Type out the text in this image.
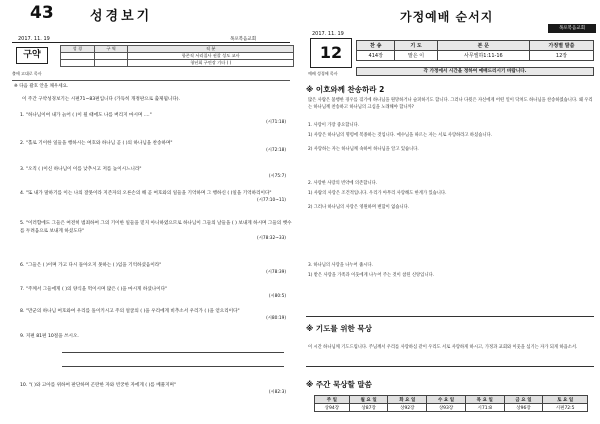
43	성경보기
2017. 11. 19	목포복음교회
구약
출애 고대로 목사
성 경	구 역	직 분
		항존직 서리집사 권찰 성도 교사
		청년회 구연장 기타 ( )
※ 다음 괄호 안을 채우세요.
이 주간 구약성경보기는 시편71~83편입니다 (가득히 개정판으로 출제됩니다).
1. "하나님이여 내가 늙어 ( )이 될 때에도 나를 버리지 마시며 ...."
(시71:18)
2. "홀로 기이한 일들을 행하시는 여호와 하나님 곧 ( )의 하나님을 찬송하며"
(시72:18)
3. "오직 ( )이신 하나님이 이를 낮추시고 저를 높이시느니라"
(시75:7)
4. "또 내가 말하기를 이는 나의 잘못이라 지존자의 오른손의 해 곧 여호와의 일들을 기억하며 그 행하신 ( )일을 기억하리이다"
(시77:10~11)
5. "이러함에도 그들은 여전히 범죄하여 그의 기이한 일들을 믿지 아니하였으므로 하나님이 그들의 날들을 ( ) 보내게 하시며 그들의 햇수를 두려움으로 보내게 하셨도다"
(시78:32~33)
6. "그들은 ( )이며 가고 다시 돌아오지 못하는 ( )임을 기억하셨음이라"
(시78:39)
7. "주께서 그들에게 ( )의 양식을 먹이시며 많은 ( )을 마시게 하셨나이다"
(시80:5)
8. "만군의 하나님 여호와여 우리를 돌이키시고 주의 얼굴의 ( )을 우리에게 비추소서 우리가 ( )을 얻으리이다"
(시80:19)
9. 지편 81편 10절을 쓰시오.
10. "( )와 고아를 위하여 판단하며 곤란한 자와 빈궁한 자에게 ( )를 베풀지며"
(시82:3)
가정예배 순서지
목포복음교회
2017. 11. 19
12
예배 성경에 목사
찬 송	기 도	본 문	가정별 말씀
414장	말은 이	사무엘하1:11-16	12장
각 가정에서 시간을 정하여 예배드리시기 바랍니다.
※ 이호와께 찬송하라 2
많은 사람은 불행한 경우를 겪기에 하나님을 원망하거나 슬퍼하기도 합니다. 그러나 다윗은 자신에게 어떤 일이 닥쳐도 하나님을 찬송하였습니다. 왜 우리는 하나님께 찬송하고 하나님의 크심을 노래해야 합니까?
1. 사랑이 가장 중요합니다.
1) 사랑은 하나님의 명령에 복종하는 것입니다. 예수님을 따르는 자는 서로 사랑하라고 하셨습니다.
2) 사랑하는 자는 하나님께 속하여 하나님을 알고 있습니다.
2. 사랑한 사랑의 빈약에 의존합니다.
1) 사람의 사랑은 조건적입니다. 우리가 아무리 사랑해도 한계가 있습니다.
2) 그러나 하나님의 사랑은 영원하며 변함이 없습니다.
3. 하나님의 사랑을 나누어 줍시다.
1) 받은 사랑을 가족과 이웃에게 나누어 주는 것이 참된 신앙입니다.
※ 기도를 위한 묵상
이 시간 하나님께 기도드립니다. 주님께서 우리를 사랑하심 같이 우리도 서로 사랑하게 하시고, 가정과 교회와 이웃을 섬기는 자가 되게 하옵소서.
※ 주간 묵상할 말씀
주 일	월 요 일	화 요 일	수 요 일	목 요 일	금 요 일	토 요 일
상94장	상87장	상92장	상93장	시71:8	상96장	시편72:5
